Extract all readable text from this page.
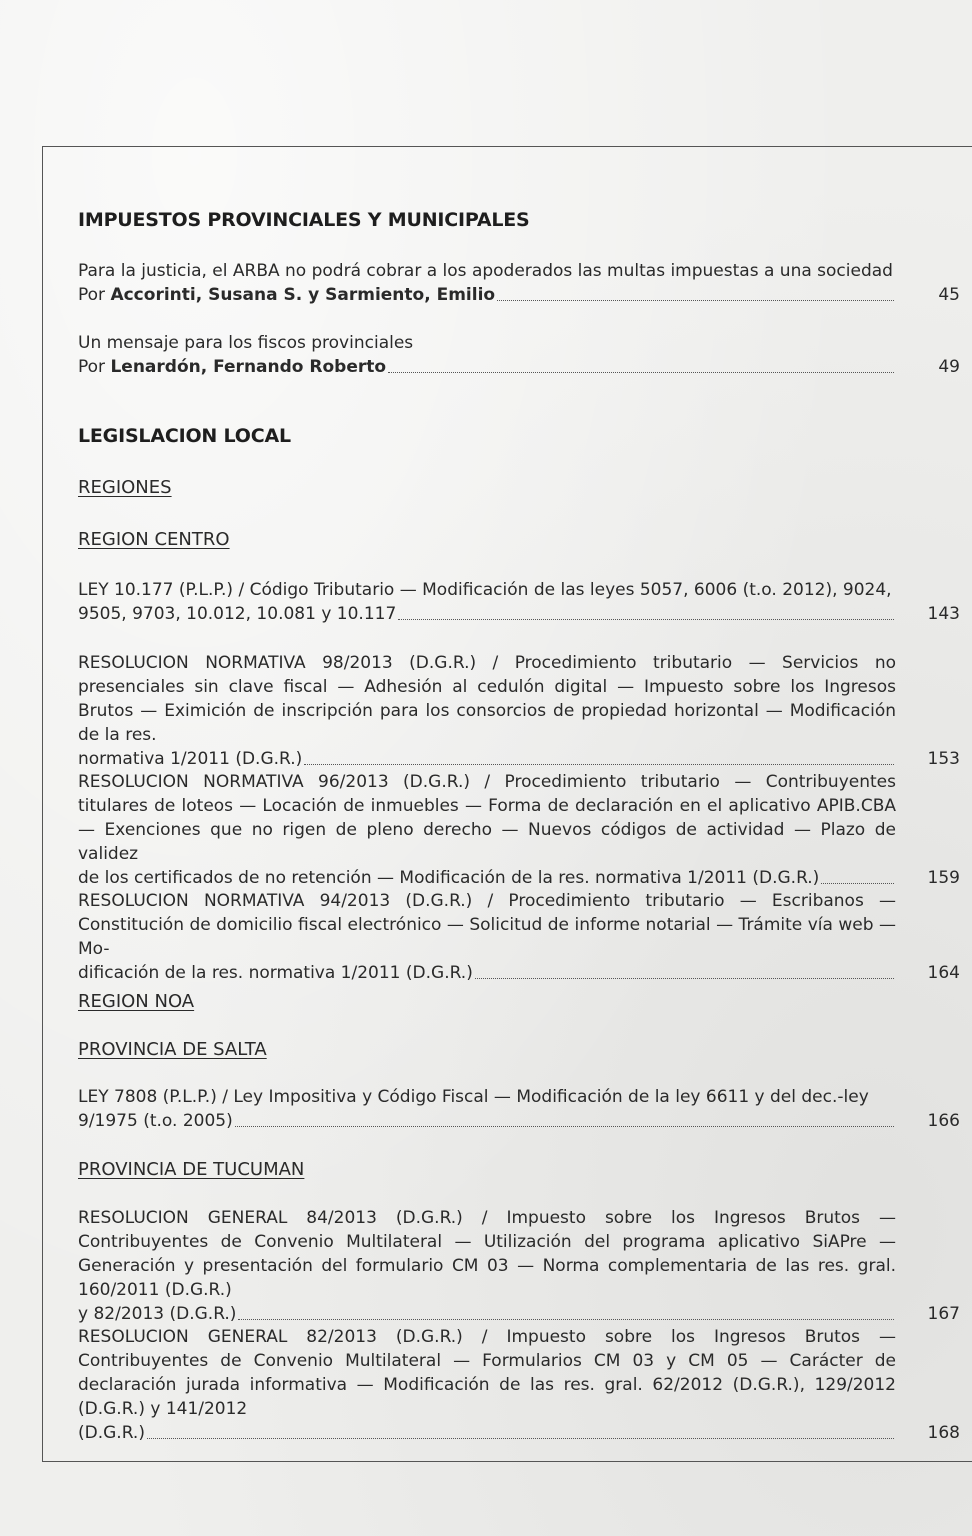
IMPUESTOS PROVINCIALES Y MUNICIPALES
Para la justicia, el ARBA no podrá cobrar a los apoderados las multas impuestas a una sociedad
Por
Accorinti, Susana S. y Sarmiento, Emilio	45
Un mensaje para los fiscos provinciales
Por
Lenardón, Fernando Roberto	49
LEGISLACION LOCAL
REGIONES
REGION CENTRO
LEY 10.177 (P.L.P.) / Código Tributario — Modificación de las leyes 5057, 6006 (t.o. 2012), 9024,
9505, 9703, 10.012, 10.081 y 10.117	143
RESOLUCION NORMATIVA 98/2013 (D.G.R.) / Procedimiento tributario — Servicios no presenciales sin clave fiscal — Adhesión al cedulón digital — Impuesto sobre los Ingresos Brutos — Eximición de inscripción para los consorcios de propiedad horizontal — Modificación de la res.
normativa 1/2011 (D.G.R.)	153
RESOLUCION NORMATIVA 96/2013 (D.G.R.) / Procedimiento tributario — Contribuyentes titulares de loteos — Locación de inmuebles — Forma de declaración en el aplicativo APIB.CBA — Exenciones que no rigen de pleno derecho — Nuevos códigos de actividad — Plazo de validez
de los certificados de no retención — Modificación de la res. normativa 1/2011 (D.G.R.)	159
RESOLUCION NORMATIVA 94/2013 (D.G.R.) / Procedimiento tributario — Escribanos — Constitución de domicilio fiscal electrónico — Solicitud de informe notarial — Trámite vía web — Mo-
dificación de la res. normativa 1/2011 (D.G.R.)	164
REGION NOA
PROVINCIA DE SALTA
LEY 7808 (P.L.P.) / Ley Impositiva y Código Fiscal — Modificación de la ley 6611 y del dec.-ley
9/1975 (t.o. 2005)	166
PROVINCIA DE TUCUMAN
RESOLUCION GENERAL 84/2013 (D.G.R.) / Impuesto sobre los Ingresos Brutos — Contribuyentes de Convenio Multilateral — Utilización del programa aplicativo SiAPre — Generación y presentación del formulario CM 03 — Norma complementaria de las res. gral. 160/2011 (D.G.R.)
y 82/2013 (D.G.R.)	167
RESOLUCION GENERAL 82/2013 (D.G.R.) / Impuesto sobre los Ingresos Brutos — Contribuyentes de Convenio Multilateral — Formularios CM 03 y CM 05 — Carácter de declaración jurada informativa — Modificación de las res. gral. 62/2012 (D.G.R.), 129/2012 (D.G.R.) y 141/2012
(D.G.R.)	168
